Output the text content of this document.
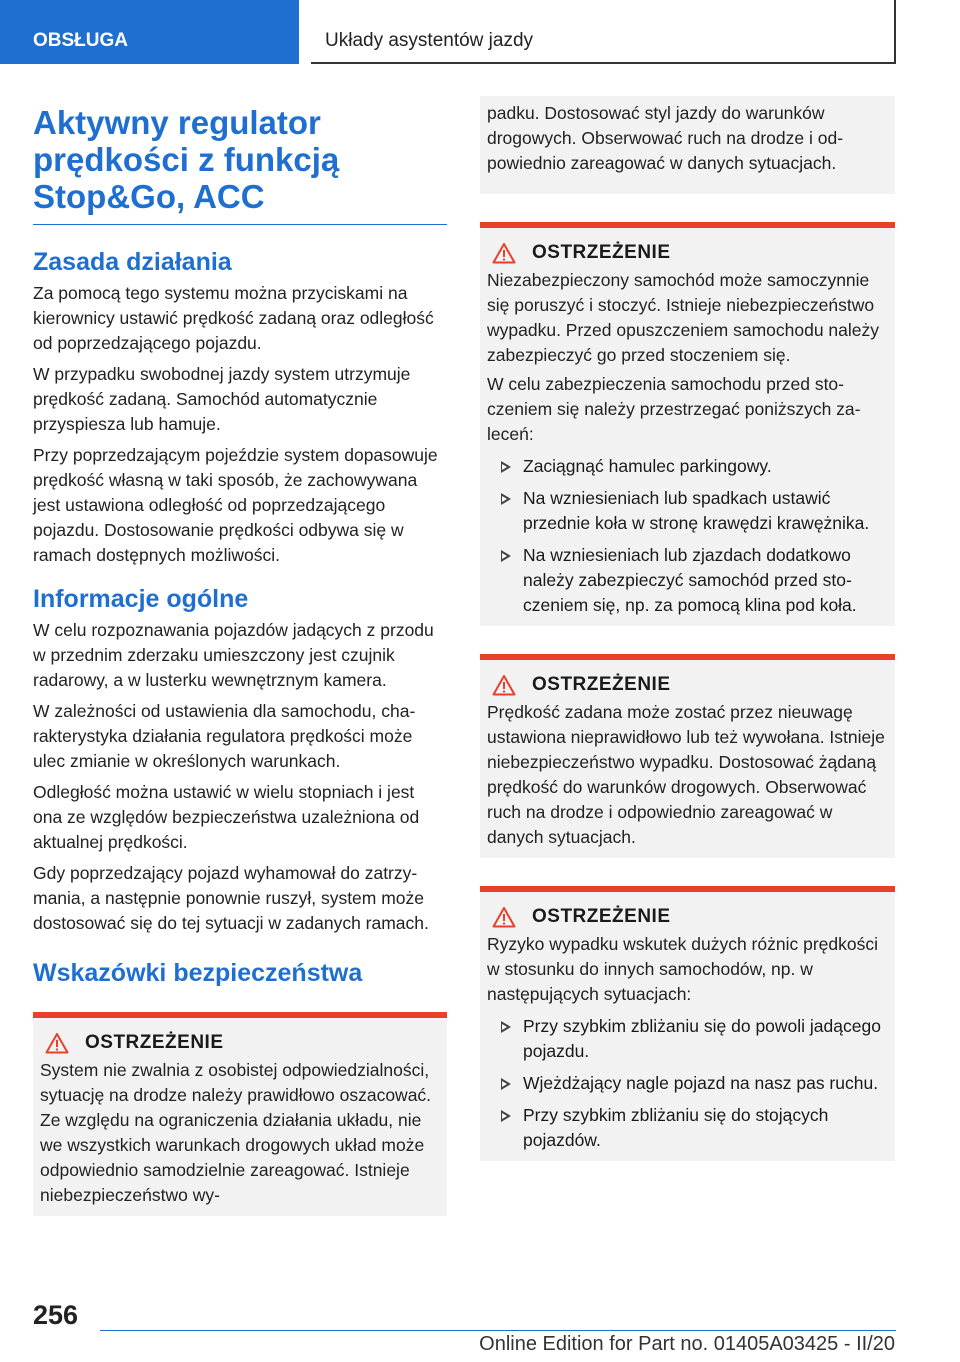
OBSŁUGA	Układy asystentów jazdy
Aktywny regulator prędkości z funkcją Stop&Go, ACC
Zasada działania

Za pomocą tego systemu można przyciskami na kierownicy ustawić prędkość zadaną oraz odległość od poprzedzającego pojazdu.

W przypadku swobodnej jazdy system utrzymuje prędkość zadaną. Samochód automatycznie przyspiesza lub hamuje.

Przy poprzedzającym pojeździe system dopasowuje prędkość własną w taki sposób, że zachowywana jest ustawiona odległość od poprzedzającego pojazdu. Dostosowanie prędkości odbywa się w ramach dostępnych możliwości.

Informacje ogólne

W celu rozpoznawania pojazdów jadących z przodu w przednim zderzaku umieszczony jest czujnik radarowy, a w lusterku wewnętrznym kamera.

W zależności od ustawienia dla samochodu, charakterystyka działania regulatora prędkości może ulec zmianie w określonych warunkach.

Odległość można ustawić w wielu stopniach i jest ona ze względów bezpieczeństwa uzależniona od aktualnej prędkości.

Gdy poprzedzający pojazd wyhamował do zatrzymania, a następnie ponownie ruszył, system może dostosować się do tej sytuacji w zadanych ramach.

Wskazówki bezpieczeństwa
OSTRZEŻENIE

System nie zwalnia z osobistej odpowiedzialności, sytuację na drodze należy prawidłowo oszacować. Ze względu na ograniczenia działania układu, nie we wszystkich warunkach drogowych układ może odpowiednio samodzielnie zareagować. Istnieje niebezpieczeństwo wy-

padku. Dostosować styl jazdy do warunków drogowych. Obserwować ruch na drodze i odpowiednio zareagować w danych sytuacjach.

OSTRZEŻENIE

Niezabezpieczony samochód może samoczynnie się poruszyć i stoczyć. Istnieje niebezpieczeństwo wypadku. Przed opuszczeniem samochodu należy zabezpieczyć go przed stoczeniem się.

W celu zabezpieczenia samochodu przed stoczeniem się należy przestrzegać poniższych zaleceń:

Zaciągnąć hamulec parkingowy.
Na wzniesieniach lub spadkach ustawić przednie koła w stronę krawędzi krawężnika.
Na wzniesieniach lub zjazdach dodatkowo należy zabezpieczyć samochód przed stoczeniem się, np. za pomocą klina pod koła.
OSTRZEŻENIE

Prędkość zadana może zostać przez nieuwagę ustawiona nieprawidłowo lub też wywołana. Istnieje niebezpieczeństwo wypadku. Dostosować żądaną prędkość do warunków drogowych. Obserwować ruch na drodze i odpowiednio zareagować w danych sytuacjach.

OSTRZEŻENIE

Ryzyko wypadku wskutek dużych różnic prędkości w stosunku do innych samochodów, np. w następujących sytuacjach:

Przy szybkim zbliżaniu się do powoli jadącego pojazdu.
Wjeżdżający nagle pojazd na nasz pas ruchu.
Przy szybkim zbliżaniu się do stojących pojazdów.
256
Online Edition for Part no. 01405A03425 - II/20
